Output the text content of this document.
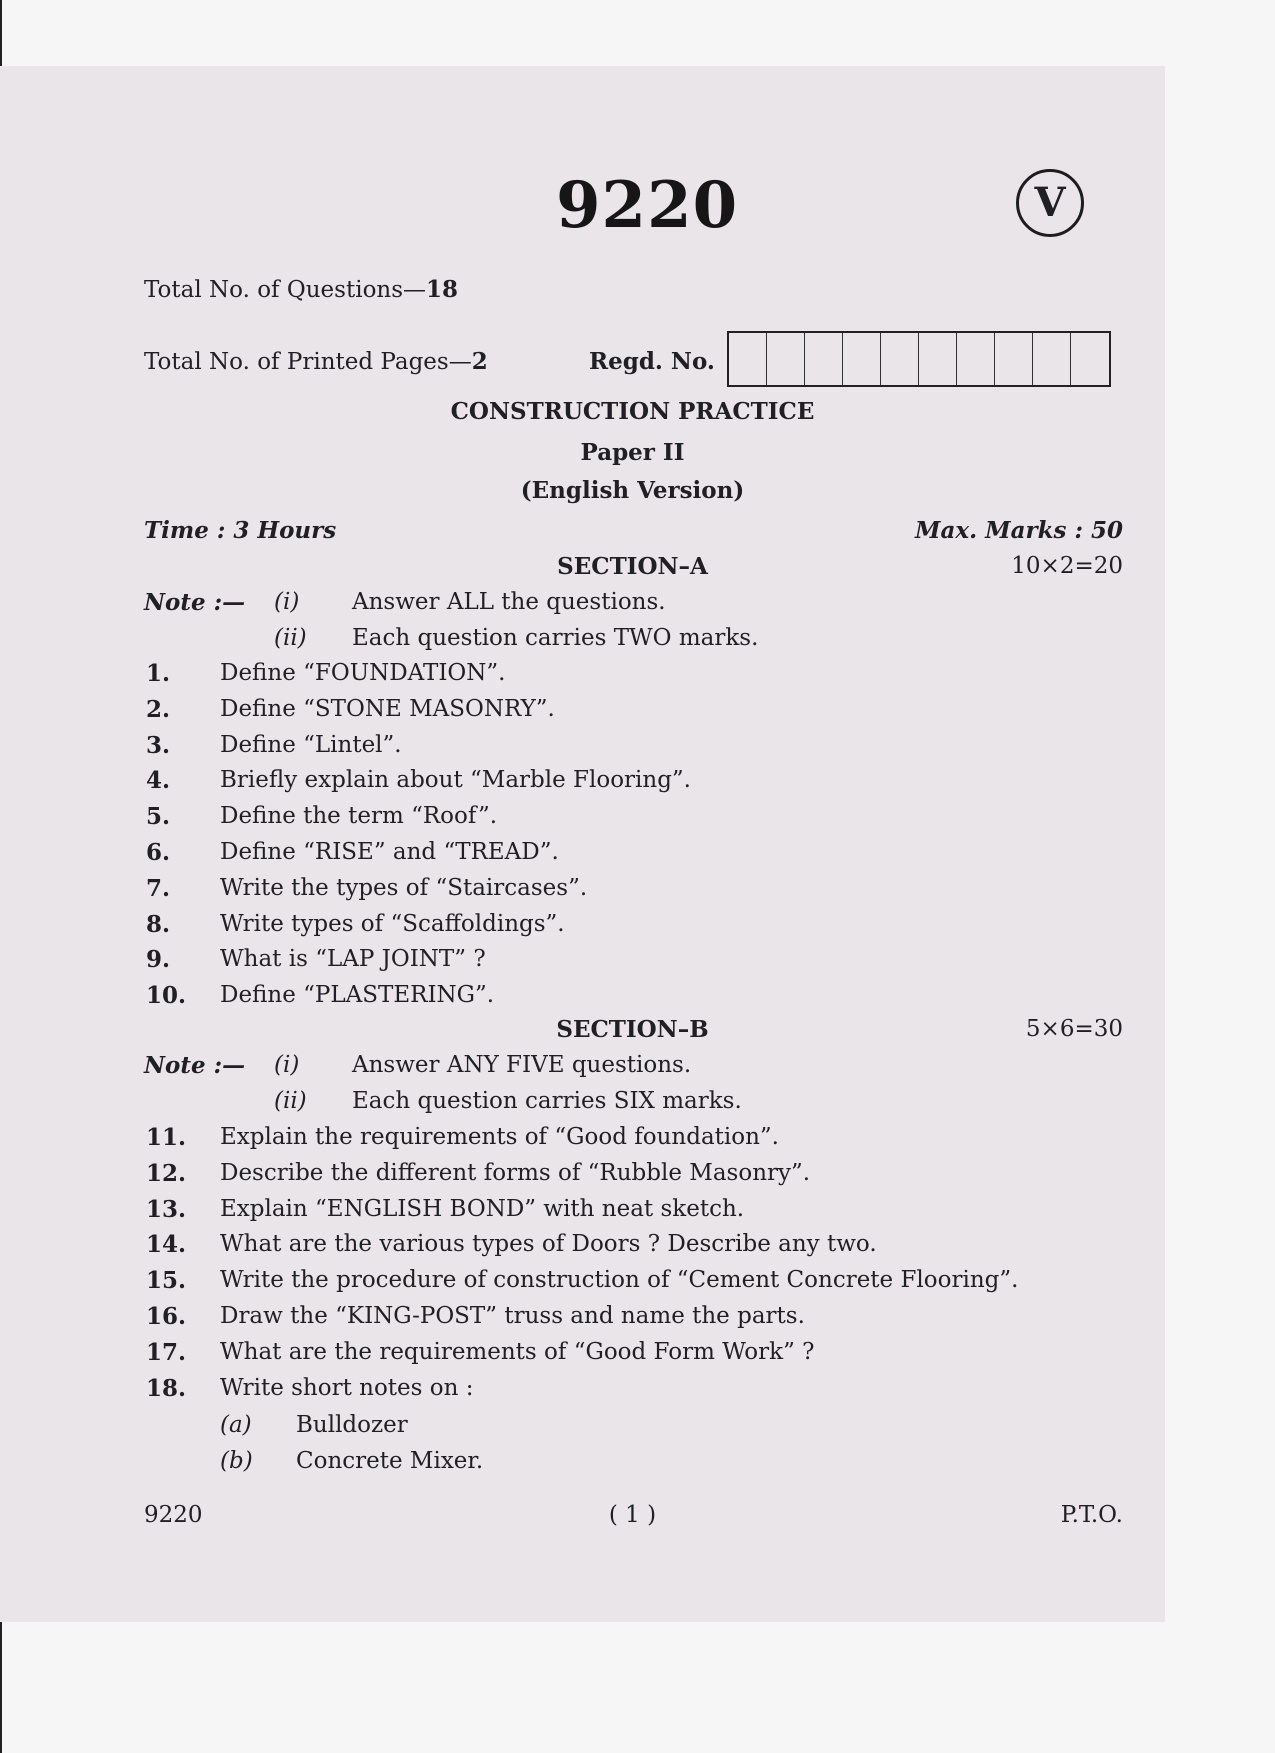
9220	V
Total No. of Questions—18
Total No. of Printed Pages—2	Regd. No.
CONSTRUCTION PRACTICE
Paper II
(English Version)
Time : 3 Hours	Max. Marks : 50
SECTION–A	10×2=20
Note :— (i) Answer ALL the questions.
(ii) Each question carries TWO marks.
1. Define “FOUNDATION”.
2. Define “STONE MASONRY”.
3. Define “Lintel”.
4. Briefly explain about “Marble Flooring”.
5. Define the term “Roof”.
6. Define “RISE” and “TREAD”.
7. Write the types of “Staircases”.
8. Write types of “Scaffoldings”.
9. What is “LAP JOINT” ?
10. Define “PLASTERING”.
SECTION–B	5×6=30
Note :— (i) Answer ANY FIVE questions.
(ii) Each question carries SIX marks.
11. Explain the requirements of “Good foundation”.
12. Describe the different forms of “Rubble Masonry”.
13. Explain “ENGLISH BOND” with neat sketch.
14. What are the various types of Doors ? Describe any two.
15. Write the procedure of construction of “Cement Concrete Flooring”.
16. Draw the “KING-POST” truss and name the parts.
17. What are the requirements of “Good Form Work” ?
18. Write short notes on :
(a) Bulldozer
(b) Concrete Mixer.
9220	( 1 )	P.T.O.
